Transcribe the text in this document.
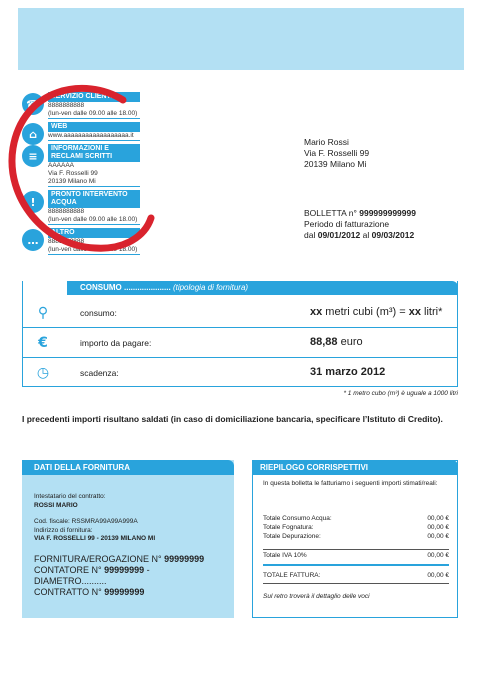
☎
SERVIZIO CLIENTI
8888888888
(lun-ven dalle 09.00 alle 18.00)
⌂
WEB
www.aaaaaaaaaaaaaaaaaa.it
≡
INFORMAZIONI E RECLAMI SCRITTI
AAAAAA
Via F. Rosselli 99
20139 Milano Mi
!
PRONTO INTERVENTO ACQUA
8888888888
(lun-ven dalle 09.00 alle 18.00)
…
ALTRO
8888888888
(lun-ven dalle 09.00 alle 18.00)
Mario Rossi
Via F. Rosselli 99
20139 Milano Mi
BOLLETTA n° 999999999999
Periodo di fatturazione
dal 09/01/2012 al 09/03/2012
CONSUMO ..................... (tipologia di fornitura)
⚲	consumo:	xx metri cubi (m³) = xx litri*
€	importo da pagare:	88,88 euro
◷	scadenza:	31 marzo 2012
* 1 metro cubo (m³) è uguale a 1000 litri
I precedenti importi risultano saldati (in caso di domiciliazione bancaria, specificare l’Istituto di Credito).
DATI DELLA FORNITURA
Intestatario del contratto:
ROSSI MARIO
Cod. fiscale: RSSMRA99A99A999A
Indirizzo di fornitura:
VIA F. ROSSELLI 99 - 20139 MILANO MI
FORNITURA/EROGAZIONE N° 99999999
CONTATORE N° 99999999 - DIAMETRO..........
CONTRATTO N° 99999999
RIEPILOGO CORRISPETTIVI
In questa bolletta le fatturiamo i seguenti importi stimati/reali:
Totale Consumo Acqua:	00,00 €
Totale Fognatura:	00,00 €
Totale Depurazione:	00,00 €
Totale IVA 10%	00,00 €
TOTALE FATTURA:	00,00 €
Sul retro troverà il dettaglio delle voci
